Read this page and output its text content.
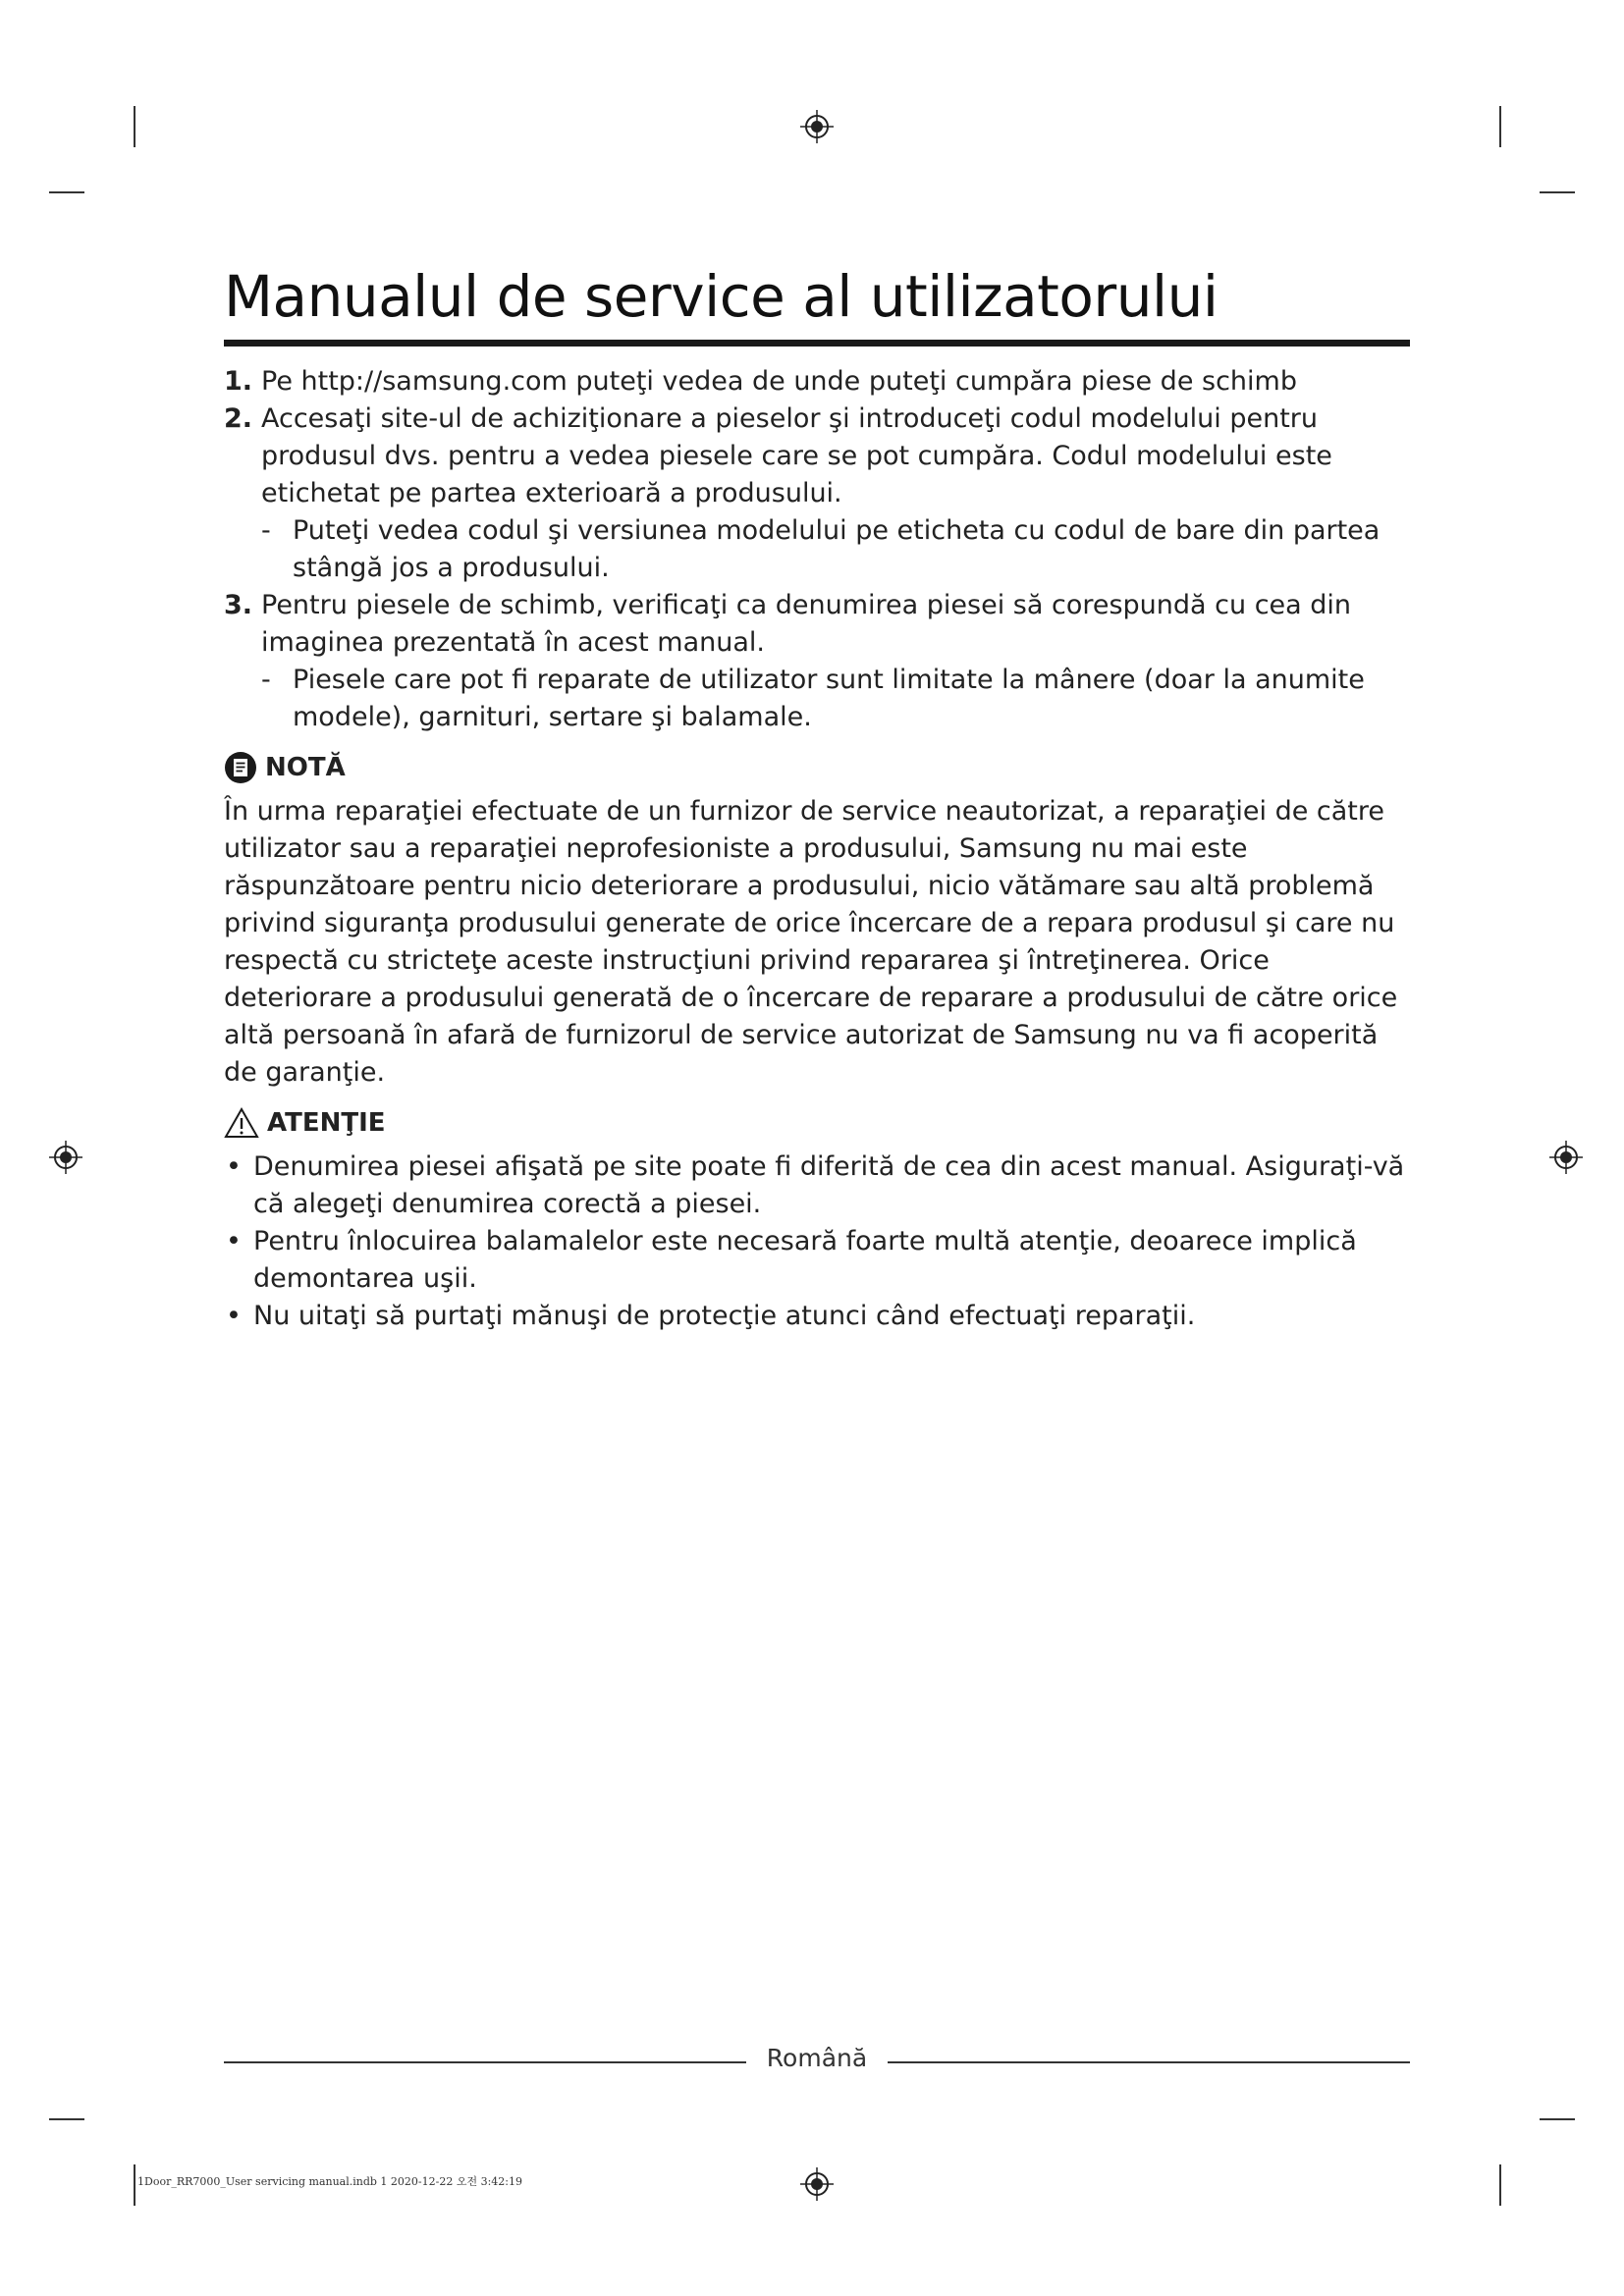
Manualul de service al utilizatorului
1. Pe http://samsung.com puteţi vedea de unde puteţi cumpăra piese de schimb
2. Accesaţi site-ul de achiziţionare a pieselor şi introduceţi codul modelului pentru produsul dvs. pentru a vedea piesele care se pot cumpăra. Codul modelului este etichetat pe partea exterioară a produsului.
- Puteţi vedea codul şi versiunea modelului pe eticheta cu codul de bare din partea stângă jos a produsului.
3. Pentru piesele de schimb, verificaţi ca denumirea piesei să corespundă cu cea din imaginea prezentată în acest manual.
- Piesele care pot fi reparate de utilizator sunt limitate la mânere (doar la anumite modele), garnituri, sertare şi balamale.
NOTĂ

În urma reparaţiei efectuate de un furnizor de service neautorizat, a reparaţiei de către utilizator sau a reparaţiei neprofesioniste a produsului, Samsung nu mai este răspunzătoare pentru nicio deteriorare a produsului, nicio vătămare sau altă problemă privind siguranţa produsului generate de orice încercare de a repara produsul şi care nu respectă cu stricteţe aceste instrucţiuni privind repararea şi întreţinerea. Orice deteriorare a produsului generată de o încercare de reparare a produsului de către orice altă persoană în afară de furnizorul de service autorizat de Samsung nu va fi acoperită de garanţie.

ATENŢIE
• Denumirea piesei afişată pe site poate fi diferită de cea din acest manual. Asiguraţi-vă că alegeţi denumirea corectă a piesei.
• Pentru înlocuirea balamalelor este necesară foarte multă atenţie, deoarece implică demontarea uşii.
• Nu uitaţi să purtaţi mănuşi de protecţie atunci când efectuaţi reparaţii.
Română
1Door_RR7000_User servicing manual.indb 1 2020-12-22 오전 3:42:19
